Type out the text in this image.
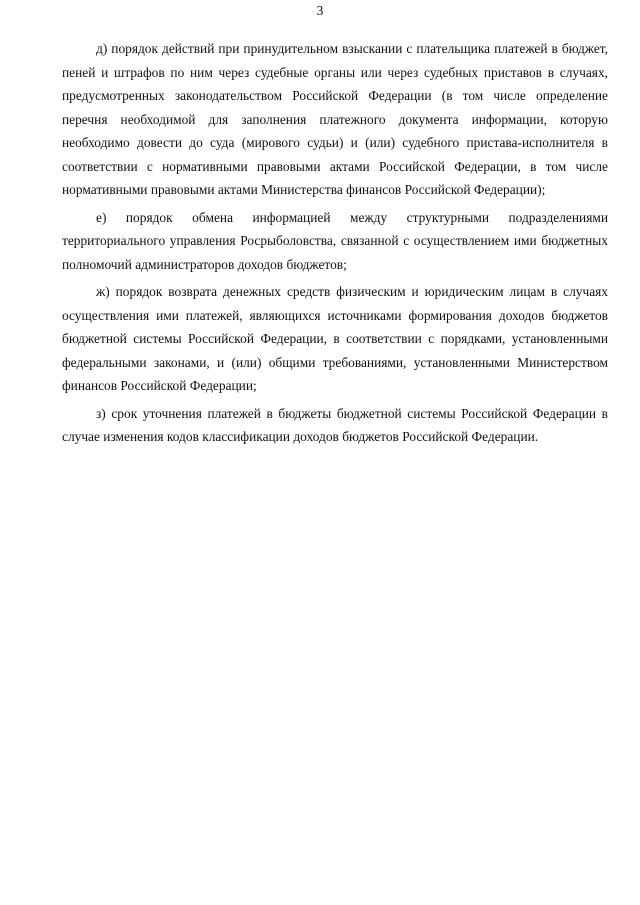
3

д) порядок действий при принудительном взыскании с плательщика платежей в бюджет, пеней и штрафов по ним через судебные органы или через судебных приставов в случаях, предусмотренных законодательством Российской Федерации (в том числе определение перечня необходимой для заполнения платежного документа информации, которую необходимо довести до суда (мирового судьи) и (или) судебного пристава-исполнителя в соответствии с нормативными правовыми актами Российской Федерации, в том числе нормативными правовыми актами Министерства финансов Российской Федерации);

е) порядок обмена информацией между структурными подразделениями территориального управления Росрыболовства, связанной с осуществлением ими бюджетных полномочий администраторов доходов бюджетов;

ж) порядок возврата денежных средств физическим и юридическим лицам в случаях осуществления ими платежей, являющихся источниками формирования доходов бюджетов бюджетной системы Российской Федерации, в соответствии с порядками, установленными федеральными законами, и (или) общими требованиями, установленными Министерством финансов Российской Федерации;

з) срок уточнения платежей в бюджеты бюджетной системы Российской Федерации в случае изменения кодов классификации доходов бюджетов Российской Федерации.
